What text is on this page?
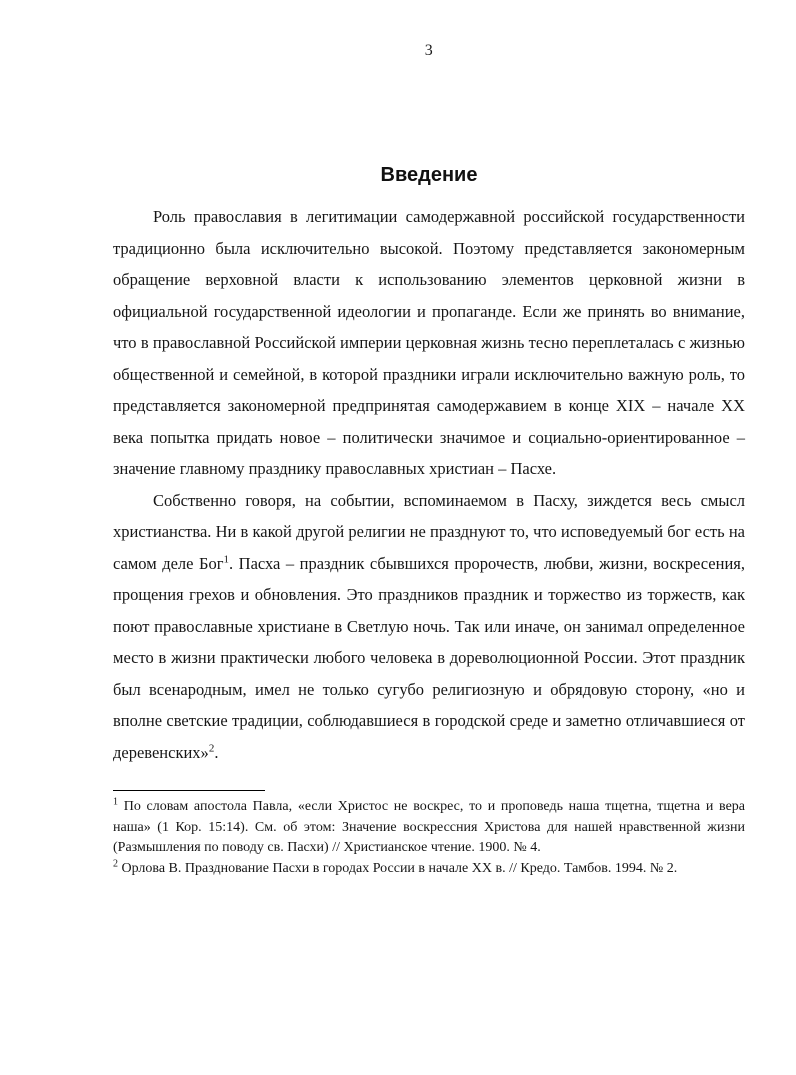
3
Введение

Роль православия в легитимации самодержавной российской государственности традиционно была исключительно высокой. Поэтому представляется закономерным обращение верховной власти к использованию элементов церковной жизни в официальной государственной идеологии и пропаганде. Если же принять во внимание, что в православной Российской империи церковная жизнь тесно переплеталась с жизнью общественной и семейной, в которой праздники играли исключительно важную роль, то представляется закономерной предпринятая самодержавием в конце XIX – начале XX века попытка придать новое – политически значимое и социально-ориентированное – значение главному празднику православных христиан – Пасхе.

Собственно говоря, на событии, вспоминаемом в Пасху, зиждется весь смысл христианства. Ни в какой другой религии не празднуют то, что исповедуемый бог есть на самом деле Бог$^1$. Пасха – праздник сбывшихся пророчеств, любви, жизни, воскресения, прощения грехов и обновления. Это праздников праздник и торжество из торжеств, как поют православные христиане в Светлую ночь. Так или иначе, он занимал определенное место в жизни практически любого человека в дореволюционной России. Этот праздник был всенародным, имел не только сугубо религиозную и обрядовую сторону, «но и вполне светские традиции, соблюдавшиеся в городской среде и заметно отличавшиеся от деревенских»$^2$.

$^1$ По словам апостола Павла, «если Христос не воскрес, то и проповедь наша тщетна, тщетна и вера наша» (1 Кор. 15:14). См. об этом: Значение воскрессния Христова для нашей нравственной жизни (Размышления по поводу св. Пасхи) // Христианское чтение. 1900. № 4.

$^2$ Орлова В. Празднование Пасхи в городах России в начале XX в. // Кредо. Тамбов. 1994. № 2.
